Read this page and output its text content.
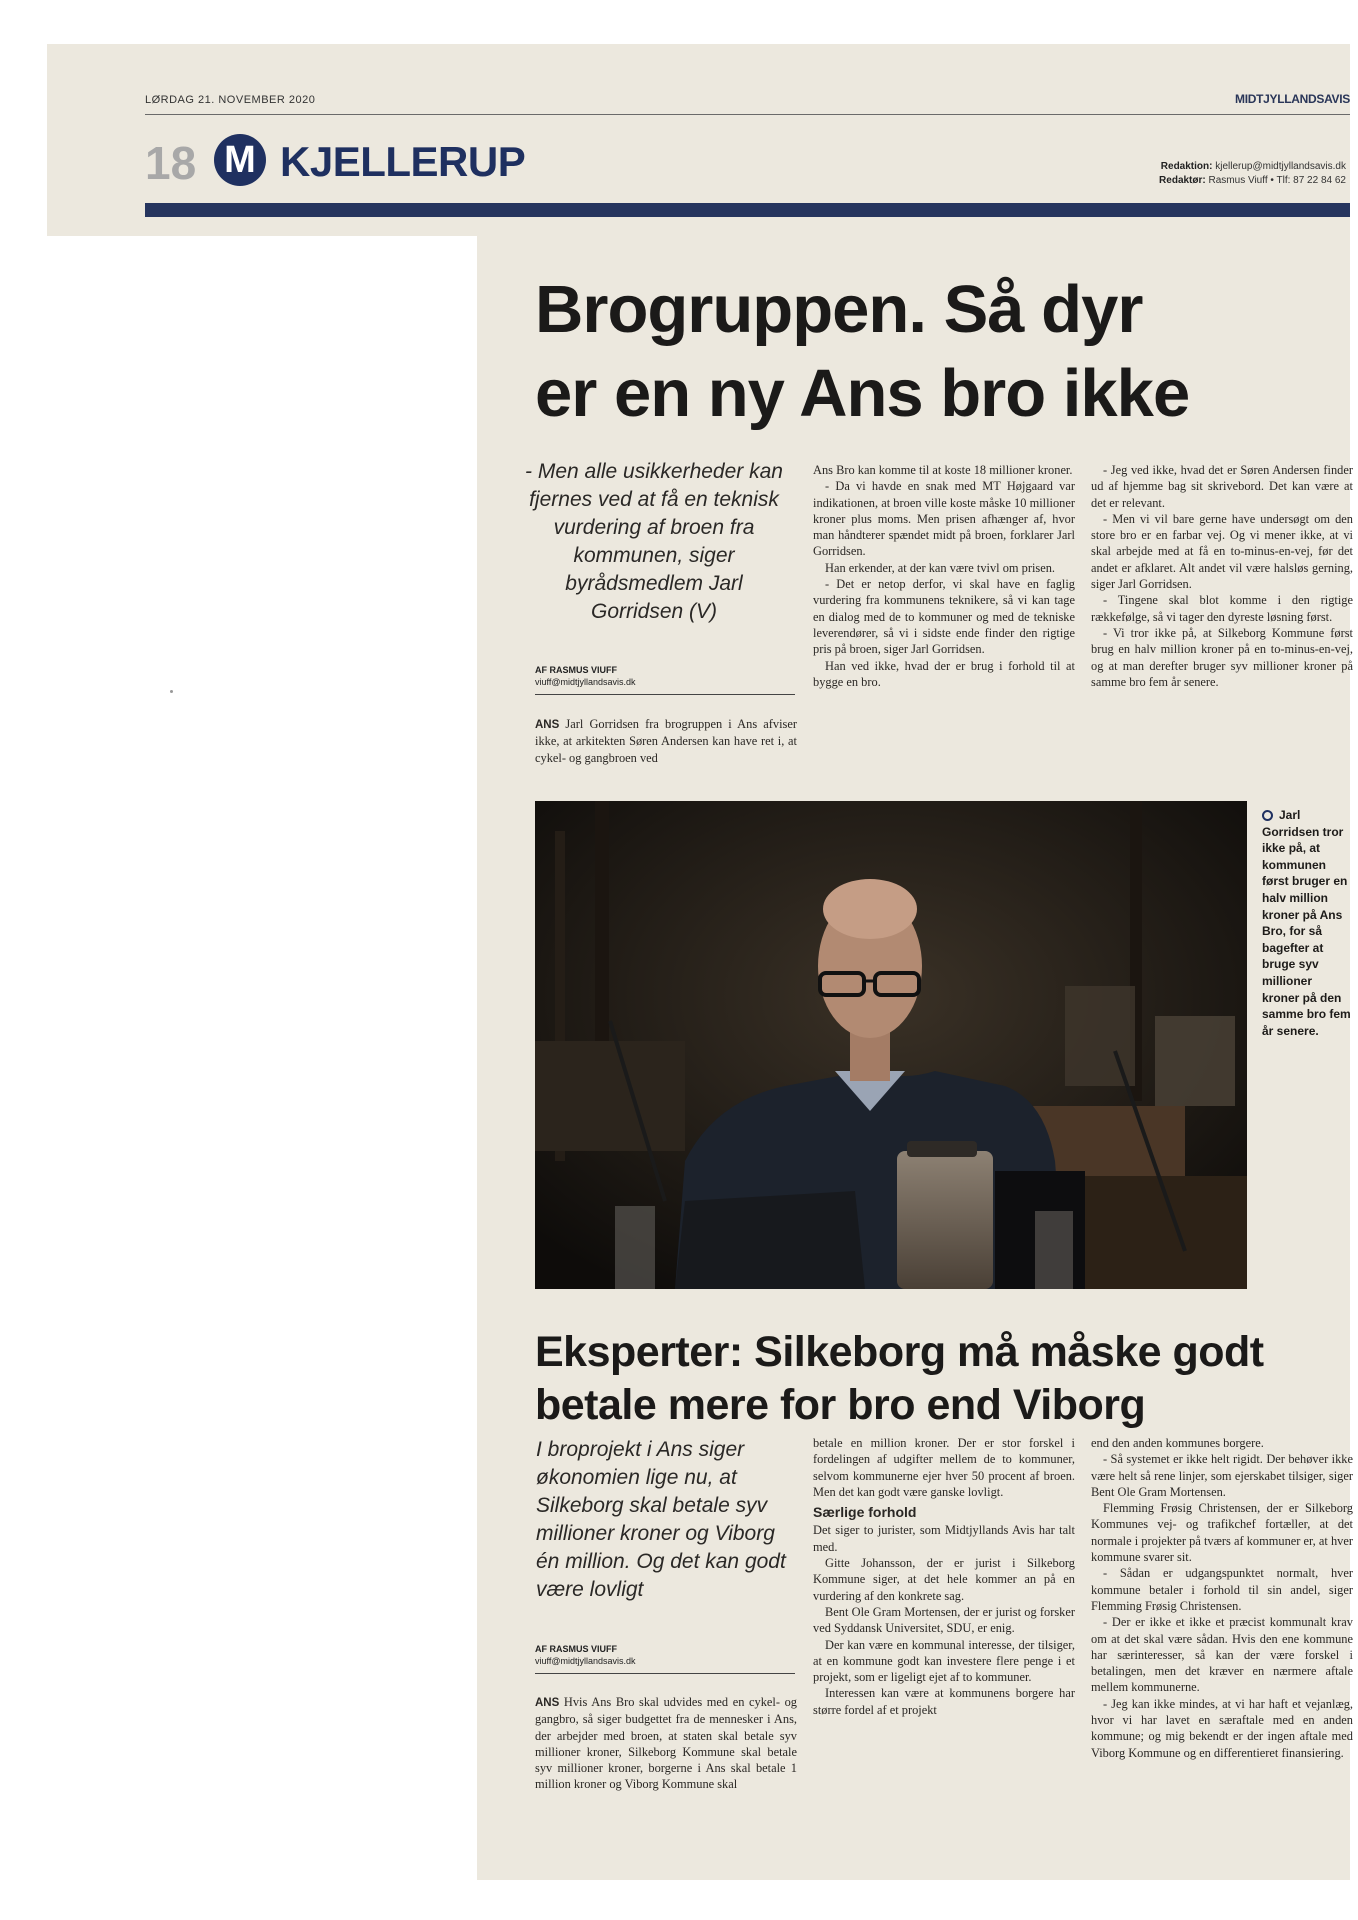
LØRDAG 21. NOVEMBER 2020	MIDTJYLLANDSAVIS
18 M KJELLERUP	Redaktion: kjellerup@midtjyllandsavis.dk
Redaktør: Rasmus Viuff • Tlf: 87 22 84 62
Brogruppen. Så dyr
er en ny Ans bro ikke
- Men alle usikkerheder kan fjernes ved at få en teknisk vurdering af broen fra kommunen, siger byrådsmedlem Jarl Gorridsen (V)
AF RASMUS VIUFF
viuff@midtjyllandsavis.dk

ANS Jarl Gorridsen fra brogruppen i Ans afviser ikke, at arkitekten Søren Andersen kan have ret i, at cykel- og gangbroen ved

Ans Bro kan komme til at koste 18 millioner kroner.

- Da vi havde en snak med MT Højgaard var indikationen, at broen ville koste måske 10 millioner kroner plus moms. Men prisen afhænger af, hvor man håndterer spændet midt på broen, forklarer Jarl Gorridsen.

Han erkender, at der kan være tvivl om prisen.

- Det er netop derfor, vi skal have en faglig vurdering fra kommunens teknikere, så vi kan tage en dialog med de to kommuner og med de tekniske leverendører, så vi i sidste ende finder den rigtige pris på broen, siger Jarl Gorridsen.

Han ved ikke, hvad der er brug i forhold til at bygge en bro.

- Jeg ved ikke, hvad det er Søren Andersen finder ud af hjemme bag sit skrivebord. Det kan være at det er relevant.

- Men vi vil bare gerne have undersøgt om den store bro er en farbar vej. Og vi mener ikke, at vi skal arbejde med at få en to-minus-en-vej, før det andet er afklaret. Alt andet vil være halsløs gerning, siger Jarl Gorridsen.

- Tingene skal blot komme i den rigtige rækkefølge, så vi tager den dyreste løsning først.

- Vi tror ikke på, at Silkeborg Kommune først brug en halv million kroner på en to-minus-en-vej, og at man derefter bruger syv millioner kroner på samme bro fem år senere.

Jarl Gorridsen tror ikke på, at kommunen først bruger en halv million kroner på Ans Bro, for så bagefter at bruge syv millioner kroner på den samme bro fem år senere.
Eksperter: Silkeborg må måske godt
betale mere for bro end Viborg
I broprojekt i Ans siger økonomien lige nu, at Silkeborg skal betale syv millioner kroner og Viborg én million. Og det kan godt være lovligt
AF RASMUS VIUFF
viuff@midtjyllandsavis.dk

ANS Hvis Ans Bro skal udvides med en cykel- og gangbro, så siger budgettet fra de mennesker i Ans, der arbejder med broen, at staten skal betale syv millioner kroner, Silkeborg Kommune skal betale syv millioner kroner, borgerne i Ans skal betale 1 million kroner og Viborg Kommune skal

betale en million kroner. Der er stor forskel i fordelingen af udgifter mellem de to kommuner, selvom kommunerne ejer hver 50 procent af broen. Men det kan godt være ganske lovligt.

Særlige forhold

Det siger to jurister, som Midtjyllands Avis har talt med.

Gitte Johansson, der er jurist i Silkeborg Kommune siger, at det hele kommer an på en vurdering af den konkrete sag.

Bent Ole Gram Mortensen, der er jurist og forsker ved Syddansk Universitet, SDU, er enig.

Der kan være en kommunal interesse, der tilsiger, at en kommune godt kan investere flere penge i et projekt, som er ligeligt ejet af to kommuner.

Interessen kan være at kommunens borgere har større fordel af et projekt

end den anden kommunes borgere.

- Så systemet er ikke helt rigidt. Der behøver ikke være helt så rene linjer, som ejerskabet tilsiger, siger Bent Ole Gram Mortensen.

Flemming Frøsig Christensen, der er Silkeborg Kommunes vej- og trafikchef fortæller, at det normale i projekter på tværs af kommuner er, at hver kommune svarer sit.

- Sådan er udgangspunktet normalt, hver kommune betaler i forhold til sin andel, siger Flemming Frøsig Christensen.

- Der er ikke et ikke et præcist kommunalt krav om at det skal være sådan. Hvis den ene kommune har særinteresser, så kan der være forskel i betalingen, men det kræver en nærmere aftale mellem kommunerne.

- Jeg kan ikke mindes, at vi har haft et vejanlæg, hvor vi har lavet en særaftale med en anden kommune; og mig bekendt er der ingen aftale med Viborg Kommune og en differentieret finansiering.
